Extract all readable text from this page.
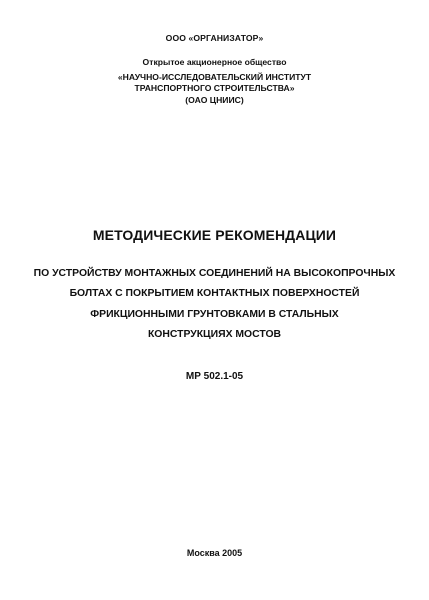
ООО «ОРГАНИЗАТОР»
Открытое акционерное общество
«НАУЧНО-ИССЛЕДОВАТЕЛЬСКИЙ ИНСТИТУТ
ТРАНСПОРТНОГО СТРОИТЕЛЬСТВА»
(ОАО ЦНИИС)
МЕТОДИЧЕСКИЕ РЕКОМЕНДАЦИИ
ПО УСТРОЙСТВУ МОНТАЖНЫХ СОЕДИНЕНИЙ НА ВЫСОКОПРОЧНЫХ
БОЛТАХ С ПОКРЫТИЕМ КОНТАКТНЫХ ПОВЕРХНОСТЕЙ
ФРИКЦИОННЫМИ ГРУНТОВКАМИ В СТАЛЬНЫХ
КОНСТРУКЦИЯХ МОСТОВ
МР 502.1-05
Москва 2005
